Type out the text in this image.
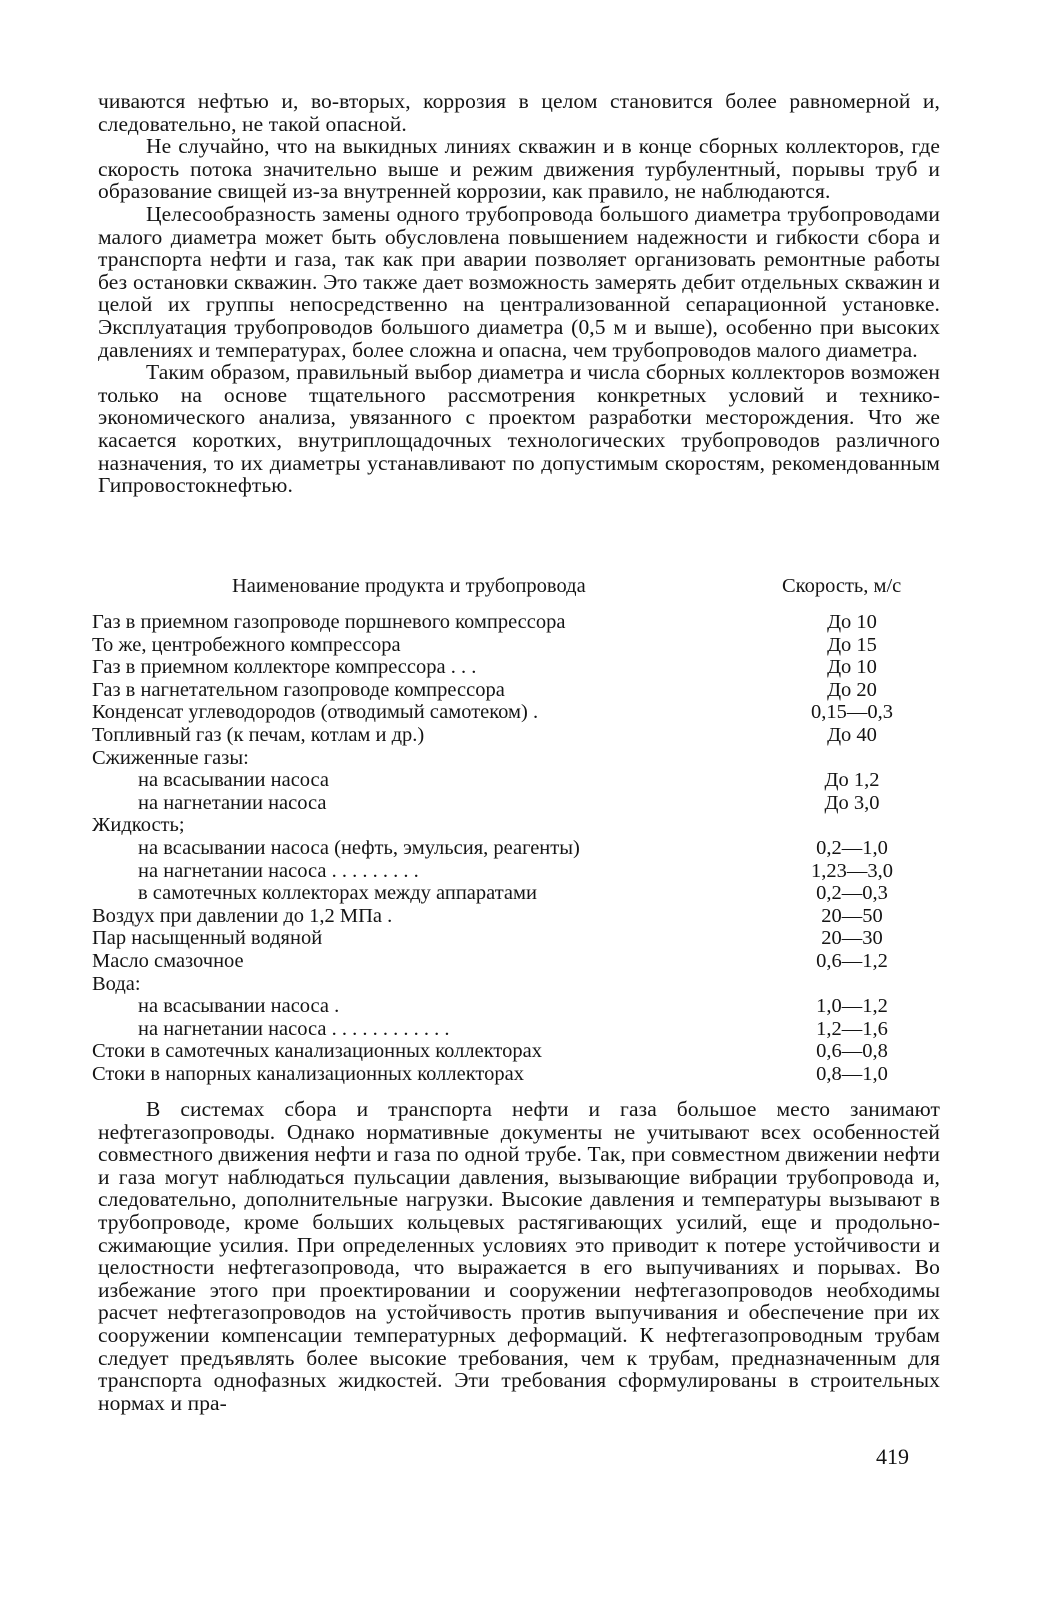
чиваются нефтью и, во-вторых, коррозия в целом становится более равномерной и, следовательно, не такой опасной.

Не случайно, что на выкидных линиях скважин и в конце сборных коллекторов, где скорость потока значительно выше и режим движения турбулентный, порывы труб и образование свищей из-за внутренней коррозии, как правило, не наблюдаются.

Целесообразность замены одного трубопровода большого диаметра трубопроводами малого диаметра может быть обусловлена повышением надежности и гибкости сбора и транспорта нефти и газа, так как при аварии позволяет организовать ремонтные работы без остановки скважин. Это также дает возможность замерять дебит отдельных скважин и целой их группы непосредственно на централизованной сепарационной установке. Эксплуатация трубопроводов большого диаметра (0,5 м и выше), особенно при высоких давлениях и температурах, более сложна и опасна, чем трубопроводов малого диаметра.

Таким образом, правильный выбор диаметра и числа сборных коллекторов возможен только на основе тщательного рассмотрения конкретных условий и технико-экономического анализа, увязанного с проектом разработки месторождения. Что же касается коротких, внутриплощадочных технологических трубопроводов различного назначения, то их диаметры устанавливают по допустимым скоростям, рекомендованным Гипровостокнефтью.

Наименование продукта и трубопровода	Скорость, м/с
Газ в приемном газопроводе поршневого компрессора	До 10
То же, центробежного компрессора	До 15
Газ в приемном коллекторе компрессора . . .	До 10
Газ в нагнетательном газопроводе компрессора	До 20
Конденсат углеводородов (отводимый самотеком) .	0,15—0,3
Топливный газ (к печам, котлам и др.)	До 40
Сжиженные газы:
на всасывании насоса	До 1,2
на нагнетании насоса	До 3,0
Жидкость;
на всасывании насоса (нефть, эмульсия, реагенты)	0,2—1,0
на нагнетании насоса . . . . . . . . .	1,23—3,0
в самотечных коллекторах между аппаратами	0,2—0,3
Воздух при давлении до 1,2 МПа .	20—50
Пар насыщенный водяной	20—30
Масло смазочное	0,6—1,2
Вода:
на всасывании насоса .	1,0—1,2
на нагнетании насоса . . . . . . . . . . . .	1,2—1,6
Стоки в самотечных канализационных коллекторах	0,6—0,8
Стоки в напорных канализационных коллекторах	0,8—1,0

В системах сбора и транспорта нефти и газа большое место занимают нефтегазопроводы. Однако нормативные документы не учитывают всех особенностей совместного движения нефти и газа по одной трубе. Так, при совместном движении нефти и газа могут наблюдаться пульсации давления, вызывающие вибрации трубопровода и, следовательно, дополнительные нагрузки. Высокие давления и температуры вызывают в трубопроводе, кроме больших кольцевых растягивающих усилий, еще и продольно-сжимающие усилия. При определенных условиях это приводит к потере устойчивости и целостности нефтегазопровода, что выражается в его выпучиваниях и порывах. Во избежание этого при проектировании и сооружении нефтегазопроводов необходимы расчет нефтегазопроводов на устойчивость против выпучивания и обеспечение при их сооружении компенсации температурных деформаций. К нефтегазопроводным трубам следует предъявлять более высокие требования, чем к трубам, предназначенным для транспорта однофазных жидкостей. Эти требования сформулированы в строительных нормах и пра-

419
